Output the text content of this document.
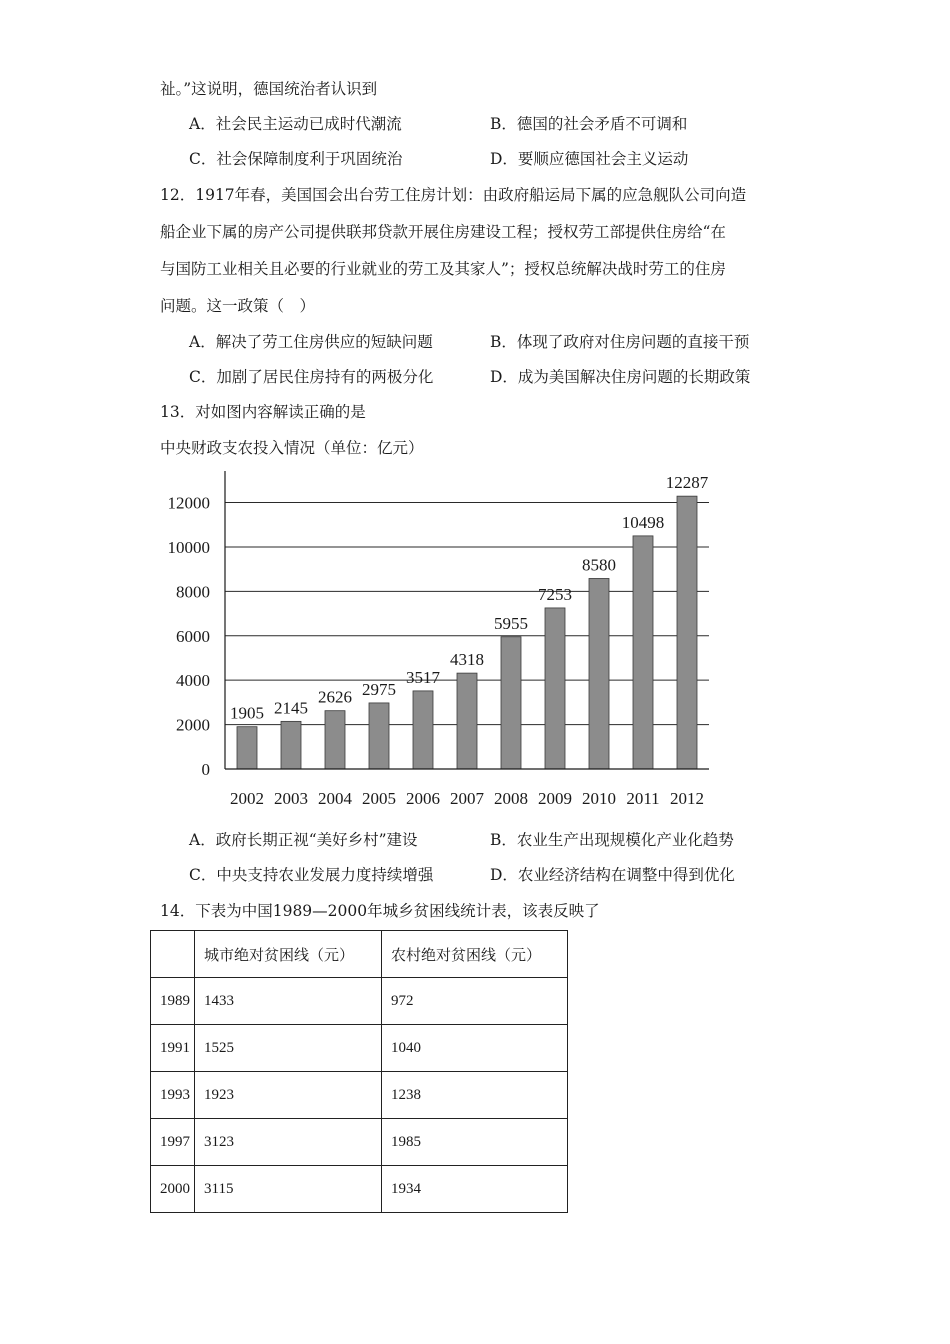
祉。”这说明，德国统治者认识到
A．社会民主运动已成时代潮流	B．德国的社会矛盾不可调和
C．社会保障制度利于巩固统治	D．要顺应德国社会主义运动
12．1917年春，美国国会出台劳工住房计划：由政府船运局下属的应急舰队公司向造
船企业下属的房产公司提供联邦贷款开展住房建设工程；授权劳工部提供住房给“在
与国防工业相关且必要的行业就业的劳工及其家人”；授权总统解决战时劳工的住房
问题。这一政策（　）
A．解决了劳工住房供应的短缺问题	B．体现了政府对住房问题的直接干预
C．加剧了居民住房持有的两极分化	D．成为美国解决住房问题的长期政策
13．对如图内容解读正确的是
中央财政支农投入情况（单位：亿元）
0
2000
4000
6000
8000
10000
12000
1905
2002
2145
2003
2626
2004
2975
2005
3517
2006
4318
2007
5955
2008
7253
2009
8580
2010
10498
2011
12287
2012
A．政府长期正视“美好乡村”建设	B．农业生产出现规模化产业化趋势
C．中央支持农业发展力度持续增强	D．农业经济结构在调整中得到优化
14．下表为中国1989—2000年城乡贫困线统计表，该表反映了
	城市绝对贫困线（元）	农村绝对贫困线（元）
1989	1433	972
1991	1525	1040
1993	1923	1238
1997	3123	1985
2000	3115	1934
